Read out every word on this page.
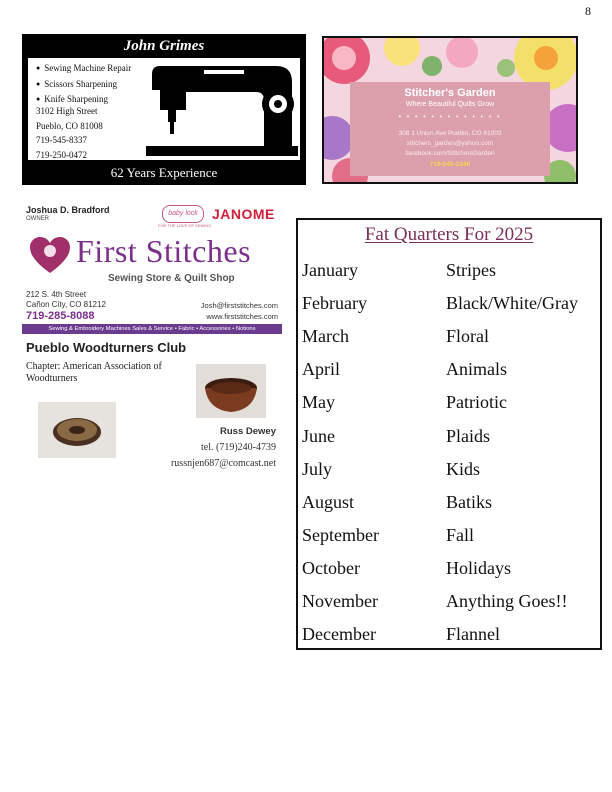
8
John Grimes
● Sewing Machine Repair
● Scissors Sharpening
● Knife Sharpening
3102 High Street
Pueblo, CO 81008
719-545-8337
719-250-0472
62 Years Experience
Stitcher's Garden
Where Beautiful Quilts Grow
• • • • • • • • • • • • •
308 1 Union Ave Pueblo, CO 81003
stitchers_garden@yahoo.com
facebook.com/StitchersGarden
719-545-2240
Joshua D. Bradford
OWNER
baby lock
FOR THE LOVE OF SEWING
JANOME
First Stitches
Sewing Store & Quilt Shop
212 S. 4th Street
Cañon City, CO 81212
719-285-8088
Josh@firststitches.com
www.firststitches.com
Sewing & Embroidery Machines Sales & Service • Fabric • Accessories • Notions
Pueblo Woodturners Club
Chapter: American Association of Woodturners
Russ Dewey
tel. (719)240-4739
russnjen687@comcast.net
Fat Quarters For 2025
January	Stripes
February	Black/White/Gray
March	Floral
April	Animals
May	Patriotic
June	Plaids
July	Kids
August	Batiks
September	Fall
October	Holidays
November	Anything Goes!!
December	Flannel
